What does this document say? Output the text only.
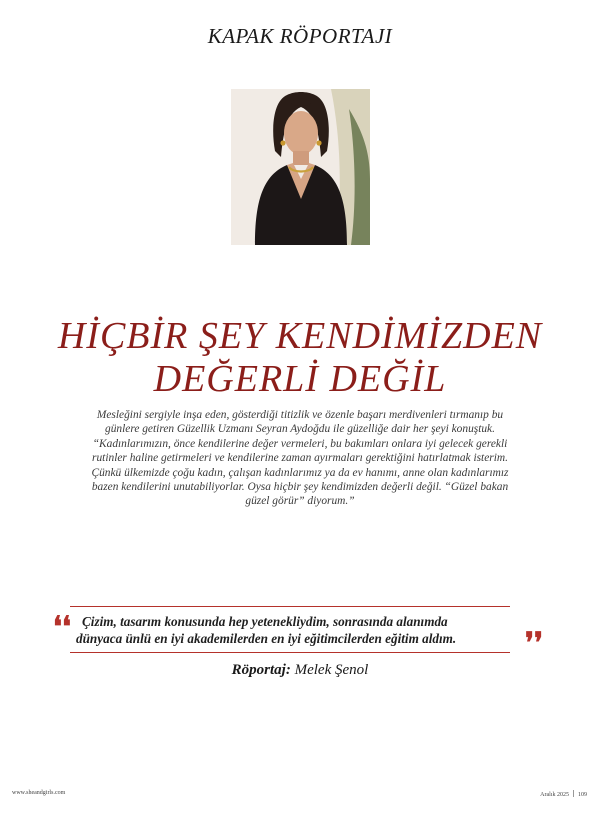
KAPAK RÖPORTAJI
HİÇBİR ŞEY KENDİMİZDEN
DEĞERLİ DEĞİL
Mesleğini sergiyle inşa eden, gösterdiği titizlik ve özenle başarı merdivenleri tırmanıp bu günlere getiren Güzellik Uzmanı Seyran Aydoğdu ile güzelliğe dair her şeyi konuştuk. “Kadınlarımızın, önce kendilerine değer vermeleri, bu bakımları onlara iyi gelecek gerekli rutinler haline getirmeleri ve kendilerine zaman ayırmaları gerektiğini hatırlatmak isterim. Çünkü ülkemizde çoğu kadın, çalışan kadınlarımız ya da ev hanımı, anne olan kadınlarımız bazen kendilerini unutabiliyorlar. Oysa hiçbir şey kendimizden değerli değil. “Güzel bakan güzel görür” diyorum.”
❛❛ Çizim, tasarım konusunda hep yetenekliydim, sonrasında alanımda
dünyaca ünlü en iyi akademilerden en iyi eğitimcilerden eğitim aldım.	❜❜
Röportaj: Melek Şenol
www.sheandgirls.com	Aralık 2025 109
